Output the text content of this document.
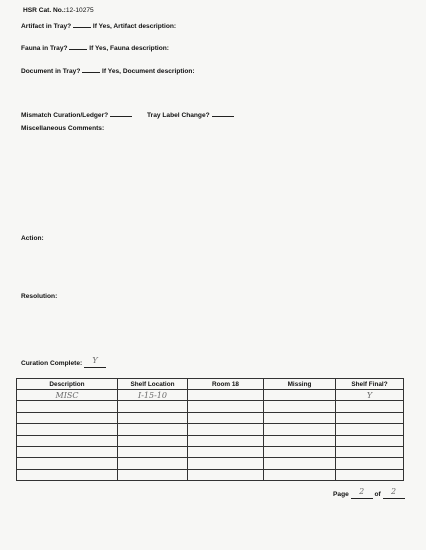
HSR Cat. No.:12-10275
Artifact in Tray?	If Yes, Artifact description:
Fauna in Tray?	If Yes, Fauna description:
Document in Tray?	If Yes, Document description:
Mismatch Curation/Ledger?	Tray Label Change?
Miscellaneous Comments:
Action:
Resolution:
Curation Complete: Y
Description	Shelf Location	Room 18	Missing	Shelf Final?
MISC	I-15-10			Y

Page 2 of 2
